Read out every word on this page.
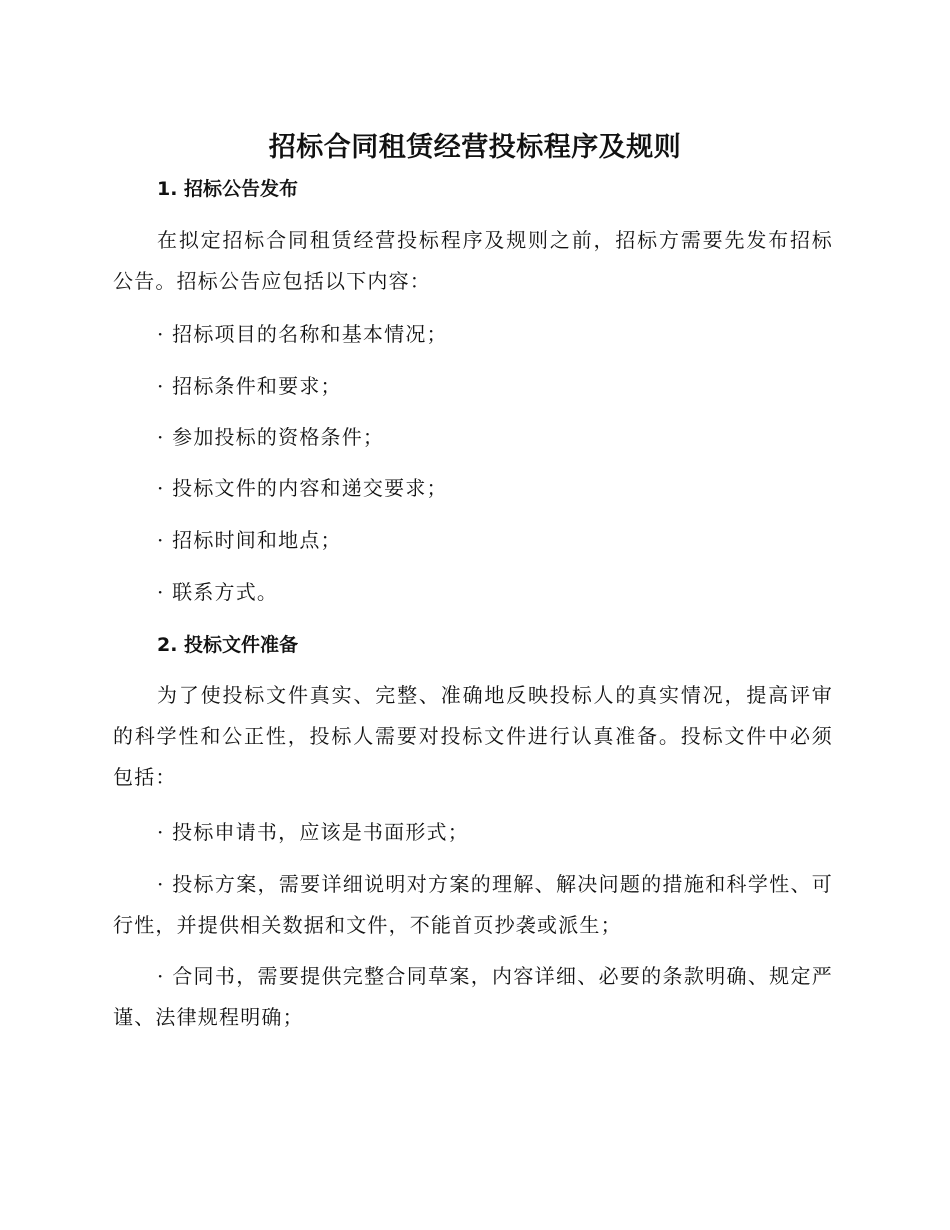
招标合同租赁经营投标程序及规则
1. 招标公告发布

在拟定招标合同租赁经营投标程序及规则之前，招标方需要先发布招标公告。招标公告应包括以下内容：

· 招标项目的名称和基本情况；

· 招标条件和要求；

· 参加投标的资格条件；

· 投标文件的内容和递交要求；

· 招标时间和地点；

· 联系方式。

2. 投标文件准备

为了使投标文件真实、完整、准确地反映投标人的真实情况，提高评审的科学性和公正性，投标人需要对投标文件进行认真准备。投标文件中必须包括：

· 投标申请书，应该是书面形式；

· 投标方案，需要详细说明对方案的理解、解决问题的措施和科学性、可行性，并提供相关数据和文件，不能首页抄袭或派生；

· 合同书，需要提供完整合同草案，内容详细、必要的条款明确、规定严谨、法律规程明确；
